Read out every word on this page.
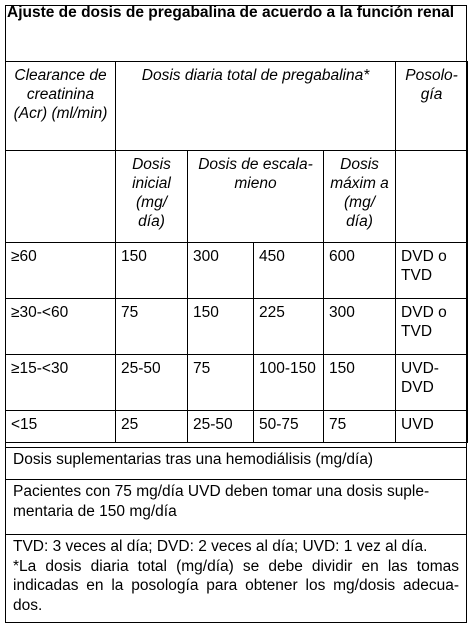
Ajuste de dosis de pregabalina de acuerdo a la función renal
Clearance de creatinina (Acr) (ml/min)	Dosis diaria total de pregabalina*				Posolo-gía
	Dosis inicial (mg/ día)	Dosis de escala-mieno		Dosis máxim a (mg/ día)	
≥60	150	300	450	600	DVD o TVD
≥30-<60	75	150	225	300	DVD o TVD
≥15-<30	25-50	75	100-150	150	UVD-DVD
<15	25	25-50	50-75	75	UVD
Dosis suplementarias tras una hemodiálisis (mg/día)
Pacientes con 75 mg/día UVD deben tomar una dosis suple-mentaria de 150 mg/día
TVD: 3 veces al día; DVD: 2 veces al día; UVD: 1 vez al día.
*La dosis diaria total (mg/día) se debe dividir en las tomas indicadas en la posología para obtener los mg/dosis adecua-dos.
